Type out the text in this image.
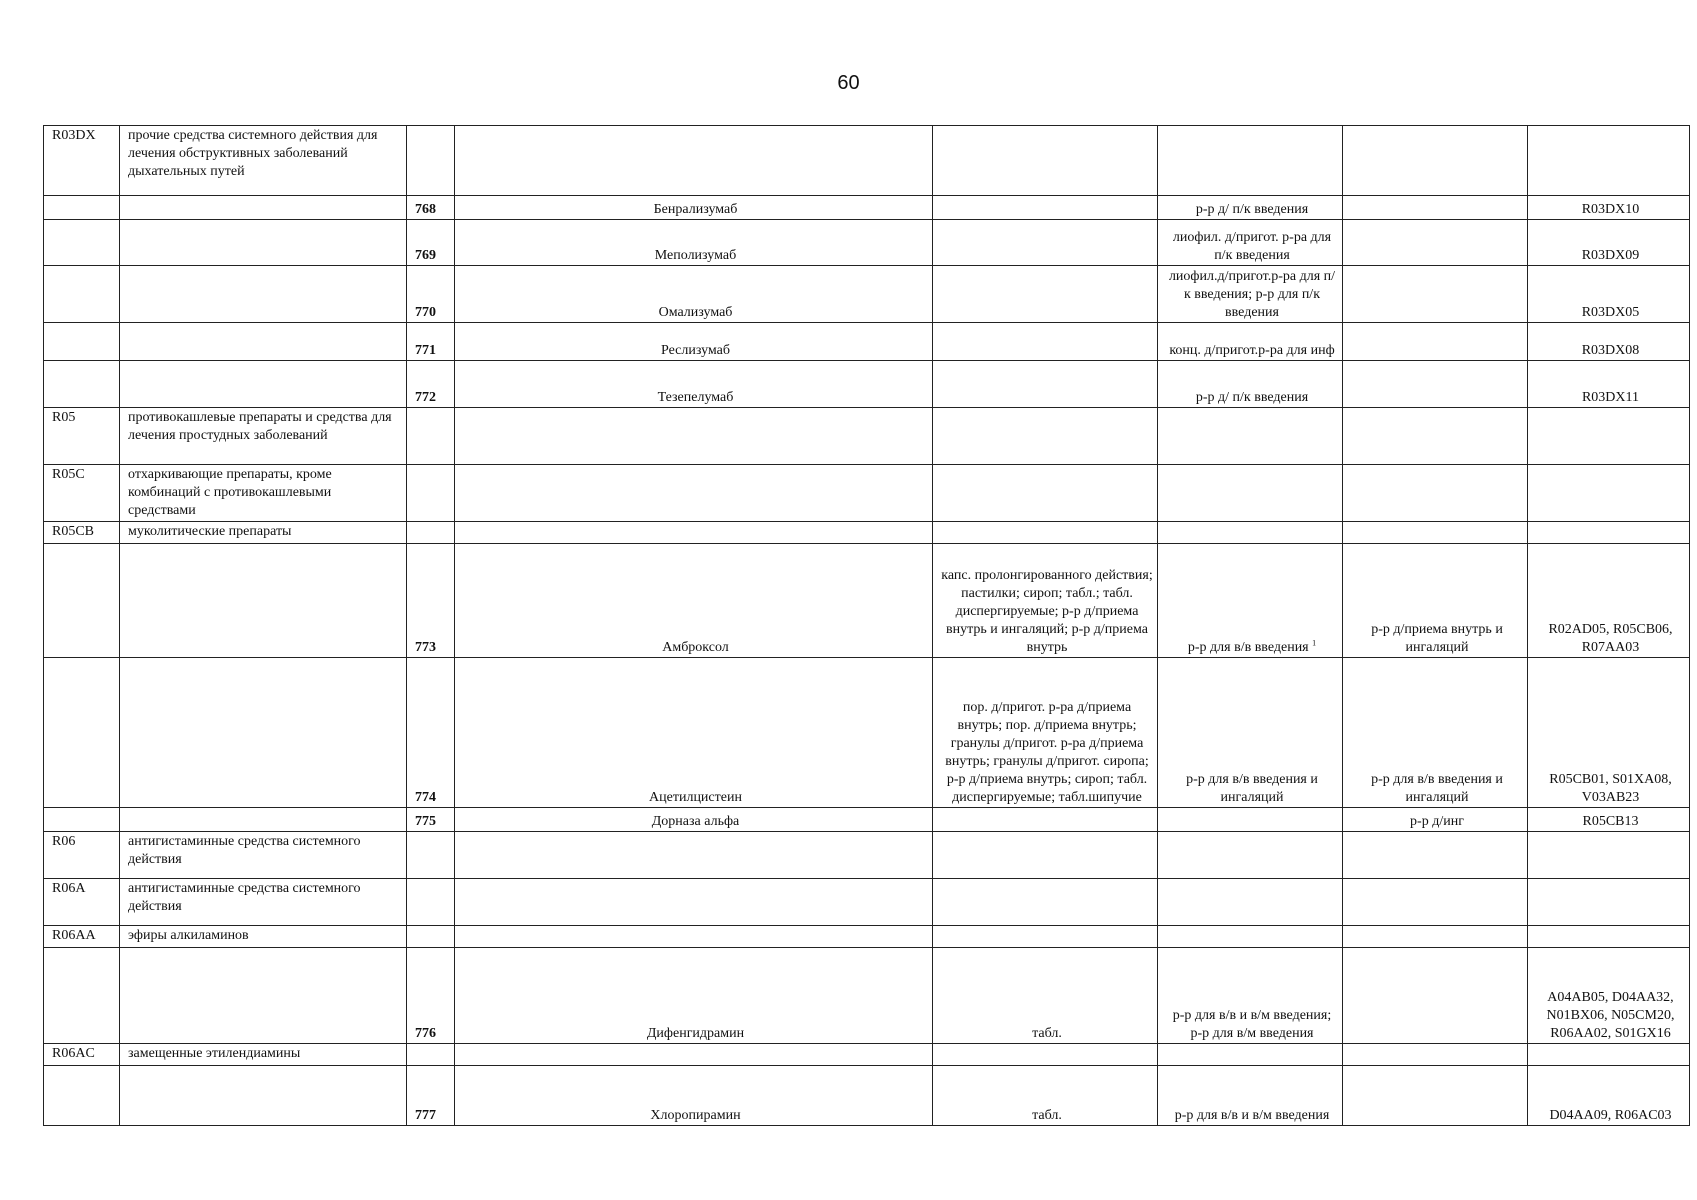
60
R03DX	прочие средства системного действия для лечения обструктивных заболеваний дыхательных путей						
		768	Бенрализумаб		р-р д/ п/к введения		R03DX10
		769	Меполизумаб		лиофил. д/пригот. р-ра для п/к введения		R03DX09
		770	Омализумаб		лиофил.д/пригот.р-ра для п/к введения; р-р для п/к введения		R03DX05
		771	Реслизумаб		конц. д/пригот.р-ра для инф		R03DX08
		772	Тезепелумаб		р-р д/ п/к введения		R03DX11
R05	противокашлевые препараты и средства для лечения простудных заболеваний						
R05C	отхаркивающие препараты, кроме комбинаций с противокашлевыми средствами						
R05CB	муколитические препараты						
		773	Амброксол	капс. пролонгированного действия; пастилки; сироп; табл.; табл. диспергируемые; р-р д/приема внутрь и ингаляций; р-р д/приема внутрь	р-р для в/в введения $^1$	р-р д/приема внутрь и ингаляций	R02AD05, R05CB06, R07AA03
		774	Ацетилцистеин	пор. д/пригот. р-ра д/приема внутрь; пор. д/приема внутрь; гранулы д/пригот. р-ра д/приема внутрь; гранулы д/пригот. сиропа; р-р д/приема внутрь; сироп; табл. диспергируемые; табл.шипучие	р-р для в/в введения и ингаляций	р-р для в/в введения и ингаляций	R05CB01, S01XA08, V03AB23
		775	Дорназа альфа			р-р д/инг	R05CB13
R06	антигистаминные средства системного действия						
R06A	антигистаминные средства системного действия						
R06AA	эфиры алкиламинов						
		776	Дифенгидрамин	табл.	р-р для в/в и в/м введения; р-р для в/м введения		A04AB05, D04AA32, N01BX06, N05CM20, R06AA02, S01GX16
R06AC	замещенные этилендиамины						
		777	Хлоропирамин	табл.	р-р для в/в и в/м введения		D04AA09, R06AC03
